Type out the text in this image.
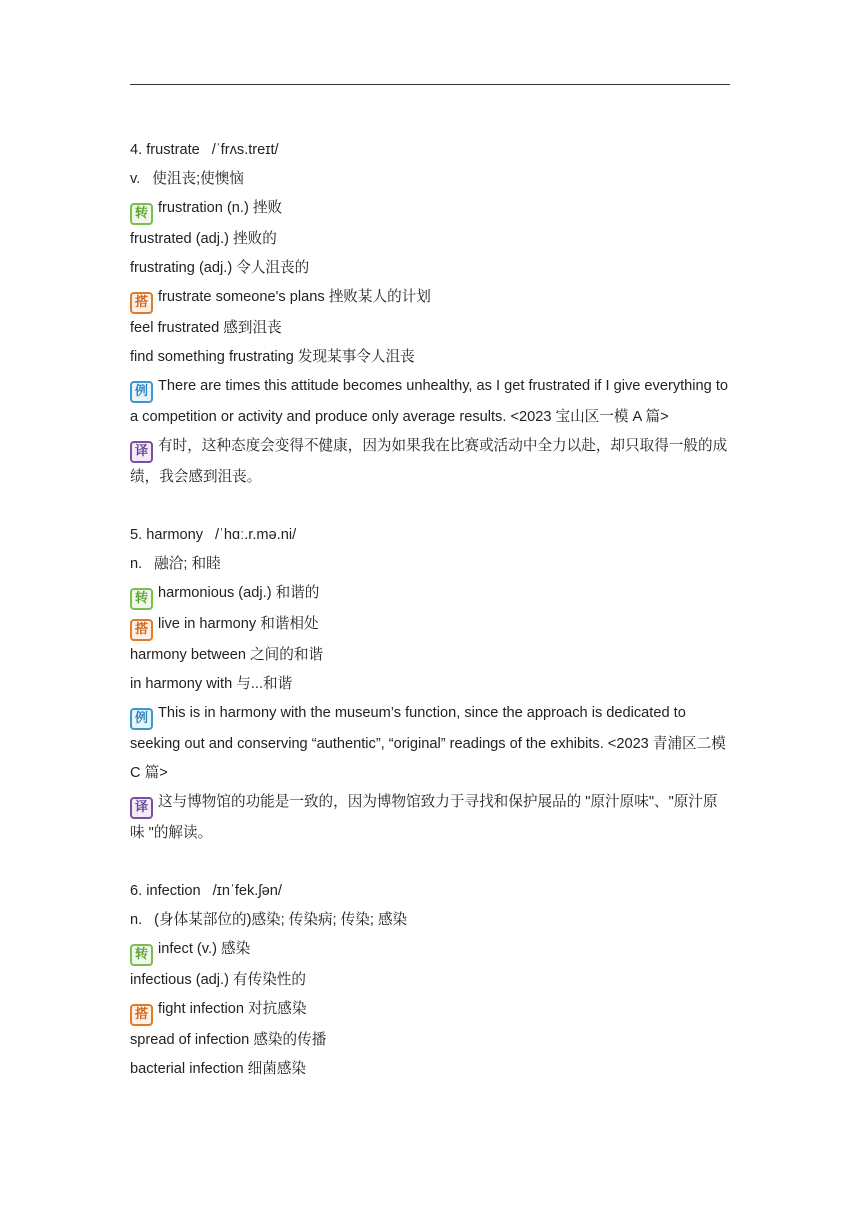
4. frustrate /ˈfrʌs.treɪt/

v. 使沮丧;使懊恼

转 frustration (n.) 挫败

frustrated (adj.) 挫败的

frustrating (adj.) 令人沮丧的

搭 frustrate someone's plans 挫败某人的计划

feel frustrated 感到沮丧

find something frustrating 发现某事令人沮丧

例 There are times this attitude becomes unhealthy, as I get frustrated if I give everything to a competition or activity and produce only average results. <2023 宝山区一模 A 篇>

译 有时，这种态度会变得不健康，因为如果我在比赛或活动中全力以赴，却只取得一般的成绩，我会感到沮丧。

5. harmony /ˈhɑː.r.mə.ni/

n. 融洽; 和睦

转 harmonious (adj.) 和谐的

搭 live in harmony 和谐相处

harmony between 之间的和谐

in harmony with 与...和谐

例 This is in harmony with the museum’s function, since the approach is dedicated to seeking out and conserving “authentic”, “original” readings of the exhibits. <2023 青浦区二模 C 篇>

译 这与博物馆的功能是一致的，因为博物馆致力于寻找和保护展品的 "原汁原味"、"原汁原味 "的解读。

6. infection /ɪnˈfek.ʃən/

n. (身体某部位的)感染; 传染病; 传染; 感染

转 infect (v.) 感染

infectious (adj.) 有传染性的

搭 fight infection 对抗感染

spread of infection 感染的传播

bacterial infection 细菌感染
